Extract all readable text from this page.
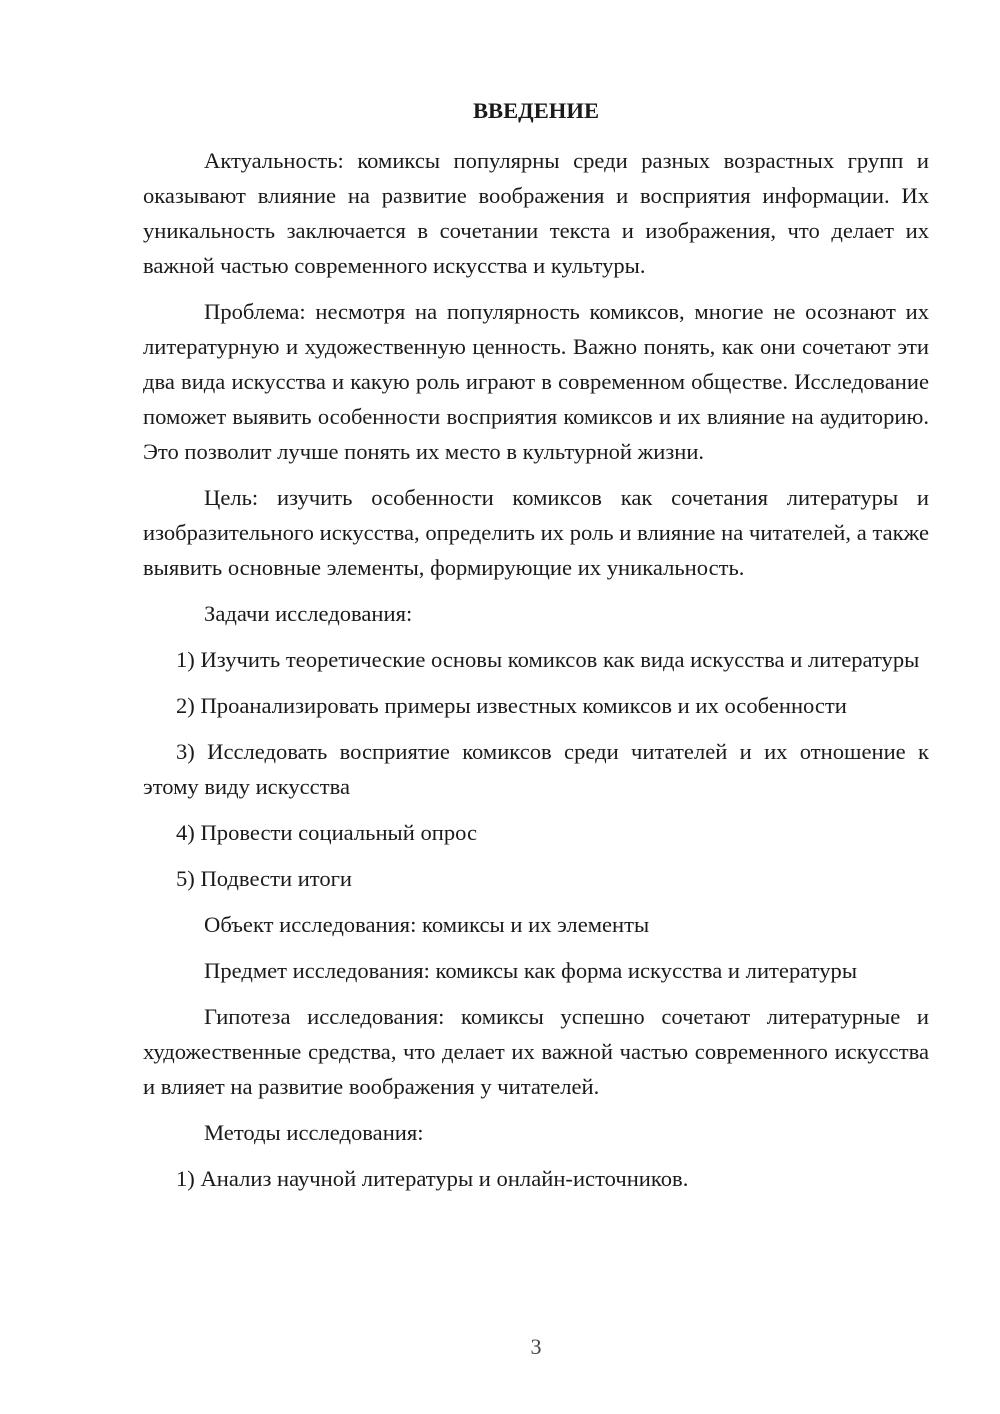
ВВЕДЕНИЕ

Актуальность: комиксы популярны среди разных возрастных групп и оказывают влияние на развитие воображения и восприятия информации. Их уникальность заключается в сочетании текста и изображения, что делает их важной частью современного искусства и культуры.

Проблема: несмотря на популярность комиксов, многие не осознают их литературную и художественную ценность. Важно понять, как они сочетают эти два вида искусства и какую роль играют в современном обществе. Исследование поможет выявить особенности восприятия комиксов и их влияние на аудиторию. Это позволит лучше понять их место в культурной жизни.

Цель: изучить особенности комиксов как сочетания литературы и изобразительного искусства, определить их роль и влияние на читателей, а также выявить основные элементы, формирующие их уникальность.

Задачи исследования:

1) Изучить теоретические основы комиксов как вида искусства и литературы

2) Проанализировать примеры известных комиксов и их особенности

3) Исследовать восприятие комиксов среди читателей и их отношение к этому виду искусства

4) Провести социальный опрос

5) Подвести итоги

Объект исследования: комиксы и их элементы

Предмет исследования: комиксы как форма искусства и литературы

Гипотеза исследования: комиксы успешно сочетают литературные и художественные средства, что делает их важной частью современного искусства и влияет на развитие воображения у читателей.

Методы исследования:

1) Анализ научной литературы и онлайн-источников.

3
